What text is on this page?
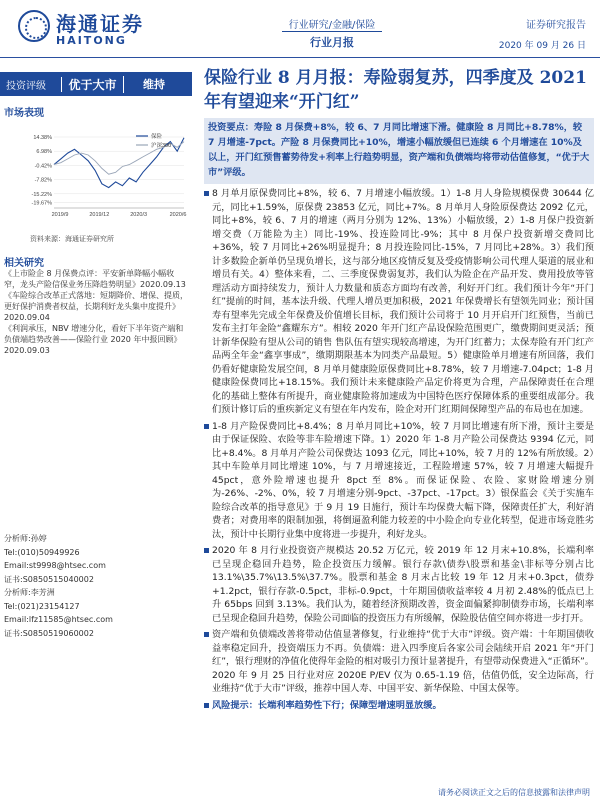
海通证券
HAITONG
行业研究/金融/保险
行业月报
证券研究报告
2020 年 09 月 26 日
投资评级	优于大市	维持	保险行业 8 月月报：寿险弱复苏，四季度及 2021 年有望迎来“开门红”
市场表现
14.38%
6.98%
-0.42%
-7.82%
-15.22%
-19.67%
2019/9	2019/12	2020/3	2020/6
保险
沪深300
资料来源：海通证券研究所
相关研究

《上市险企 8 月保费点评：平安新单降幅小幅收窄，龙头产险信保业务压降趋势明显》2020.09.13

《车险综合改革正式落地：短期降价、增保、提质，更好保护消费者权益，长期利好龙头集中度提升》2020.09.04

《利润承压，NBV 增速分化，看好下半年资产端和负债端趋势改善——保险行业 2020 年中报回顾》2020.09.03

分析师:孙婷
Tel:(010)50949926
Email:st9998@htsec.com
证书:S0850515040002
分析师:李芳洲
Tel:(021)23154127
Email:lfz11585@htsec.com
证书:S0850519060002
投资要点：寿险 8 月保费+8%，较 6、7 月同比增速下滑。健康险 8 月同比+8.78%，较 7 月增速-7pct。产险 8 月保费同比+10%，增速小幅放缓但已连续 6 个月增速在 10%及以上，开门红预售蓄势待发+利率上行趋势明显，资产端和负债端均将带动估值修复，“优于大市”评级。
8 月单月原保费同比+8%，较 6、7 月增速小幅放缓。1）1-8 月人身险规模保费 30644 亿元，同比+1.59%，原保费 23853 亿元，同比+7%。8 月单月人身险原保费达 2092 亿元，同比+8%，较 6、7 月的增速（两月分别为 12%、13%）小幅放缓，2）1-8 月保户投资新增交费（万能险为主）同比-19%、投连险同比-9%；其中 8 月保户投资新增交费同比+36%，较 7 月同比+26%明显提升；8 月投连险同比-15%，7 月同比+28%。3）我们预计多数险企新单仍呈现负增长，这与部分地区疫情反复及受疫情影响公司代理人渠道的展业和增员有关。4）整体来看，二、三季度保费弱复苏，我们认为险企在产品开发、费用投放等管理活动方面持续发力，预计人力数量和质态方面均有改善，利好开门红。我们预计今年“开门红”提前的时间，基本法升级、代理人增员更加积极，2021 年保费增长有望领先同业；预计国寿有望率先完成全年保费及价值增长目标，我们预计公司将于 10 月开启开门红预售，当前已发布主打年金险“鑫耀东方”。相较 2020 年开门红产品设保险范围更广，缴费期间更灵活；预计新华保险有望从公司的销售 售队伍有望实现较高增速，为开门红蓄力；太保寿险有开门红产品两全年金“鑫享事成”，缴期期限基本为同类产品最短。5）健康险单月增速有所回落，我们仍看好健康险发展空间，8 月单月健康险原保费同比+8.78%，较 7 月增速-7.04pct；1-8 月健康险保费同比+18.15%。我们预计未来健康险产品定价将更为合理，产品保障责任在合理化的基础上整体有所提升，商业健康险将加速成为中国特色医疗保障体系的重要组成部分。我们预计修订后的重疾新定义有望在年内发布，险企对开门红期间保障型产品的布局也在加速。
1-8 月产险保费同比+8.4%；8 月单月同比+10%，较 7 月同比增速有所下滑，预计主要是由于保证保险、农险等非车险增速下降。1）2020 年 1-8 月产险公司保费达 9394 亿元，同比+8.4%。8 月单月产险公司保费达 1093 亿元，同比+10%，较 7 月的 12%有所放缓。2）其中车险单月同比增速 10%，与 7 月增速接近，工程险增速 57%，较 7 月增速大幅提升 45pct，意外险增速也提升 8pct 至 8%。而保证保险、农险、家财险增速分别为-26%、-2%、0%，较 7 月增速分别-9pct、-37pct、-17pct。3）银保监会《关于实施车险综合改革的指导意见》于 9 月 19 日施行，预计车均保费大幅下降，保障责任扩大，利好消费者；对费用率的限制加强，将倒逼盈利能力较差的中小险企向专业化转型，促进市场竞胜劣汰，预计中长期行业集中度将进一步提升，利好龙头。
2020 年 8 月行业投资资产规模达 20.52 万亿元，较 2019 年 12 月末+10.8%，长端利率已呈现企稳回升趋势，险企投资压力缓解。银行存款\债券\股票和基金\非标等分别占比 13.1%\35.7%\13.5%\37.7%。股票和基金 8 月末占比较 19 年 12 月末+0.3pct，债券+1.2pct，银行存款-0.5pct，非标-0.9pct，十年期国债收益率较 4 月初 2.48%的低点已上升 65bps 回到 3.13%。我们认为，随着经济预期改善，资金面偏紧抑制债券市场，长端利率已呈现企稳回升趋势，保险公司面临的投资压力有所缓解，保险股估值空间亦将进一步打开。
资产端和负债端改善将带动估值显著修复，行业维持“优于大市”评级。资产端：十年期国债收益率稳定回升，投资端压力不再。负债端：进入四季度后各家公司会陆续开启 2021 年“开门红”，银行理财的净值化使得年金险的相对吸引力预计显著提升，有望带动保费进入“正循环”。2020 年 9 月 25 日行业对应 2020E P/EV 仅为 0.65-1.19 倍，估值仍低，安全边际高，行业维持“优于大市”评级，推荐中国人寿、中国平安、新华保险、中国太保等。
风险提示：长端利率趋势性下行；保障型增速明显放缓。
请务必阅读正文之后的信息披露和法律声明
